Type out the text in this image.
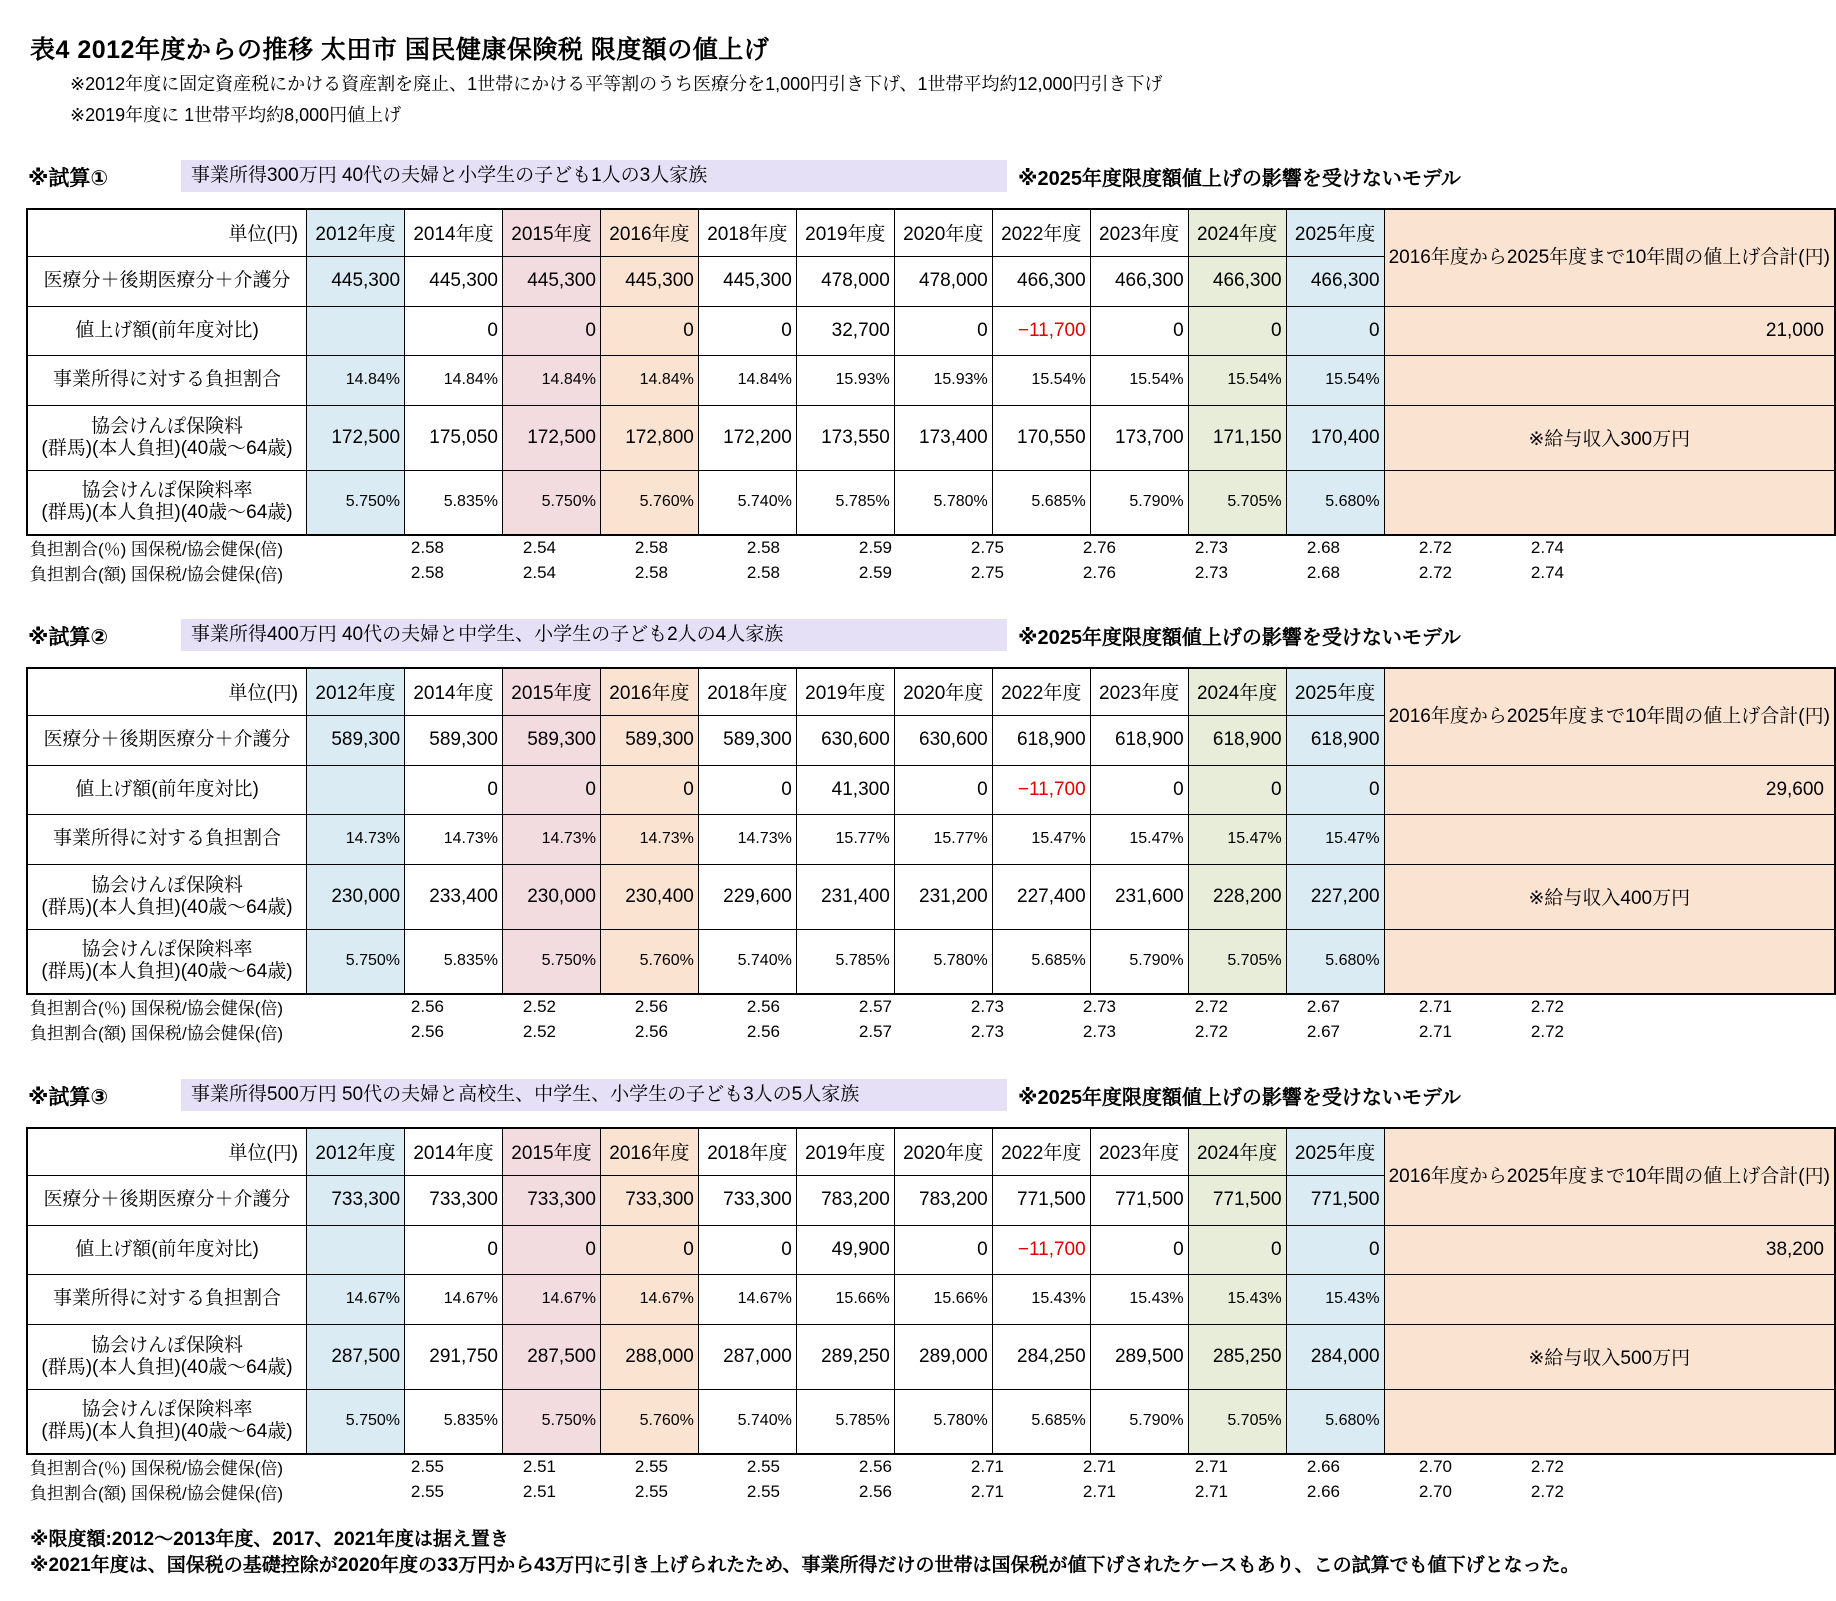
表4 2012年度からの推移 太田市 国民健康保険税 限度額の値上げ
※2012年度に固定資産税にかける資産割を廃止、1世帯にかける平等割のうち医療分を1,000円引き下げ、1世帯平均約12,000円引き下げ
※2019年度に 1世帯平均約8,000円値上げ
※試算①	事業所得300万円 40代の夫婦と小学生の子ども1人の3人家族	※2025年度限度額値上げの影響を受けないモデル
単位(円)	2012年度	2014年度	2015年度	2016年度	2018年度	2019年度	2020年度	2022年度	2023年度	2024年度	2025年度	2016年度から2025年度まで10年間の値上げ合計(円)
医療分＋後期医療分＋介護分	445,300	445,300	445,300	445,300	445,300	478,000	478,000	466,300	466,300	466,300	466,300	
値上げ額(前年度対比)		0	0	0	0	32,700	0	−11,700	0	0	0	21,000
事業所得に対する負担割合	14.84%	14.84%	14.84%	14.84%	14.84%	15.93%	15.93%	15.54%	15.54%	15.54%	15.54%	
協会けんぽ保険料
(群馬)(本人負担)(40歳～64歳)	172,500	175,050	172,500	172,800	172,200	173,550	173,400	170,550	173,700	171,150	170,400	※給与収入300万円
協会けんぽ保険料率
(群馬)(本人負担)(40歳～64歳)	5.750%	5.835%	5.750%	5.760%	5.740%	5.785%	5.780%	5.685%	5.790%	5.705%	5.680%	
負担割合(％) 国保税/協会健保(倍)	2.58	2.54	2.58	2.58	2.59	2.75	2.76	2.73	2.68	2.72	2.74
負担割合(額) 国保税/協会健保(倍)	2.58	2.54	2.58	2.58	2.59	2.75	2.76	2.73	2.68	2.72	2.74
※試算②	事業所得400万円 40代の夫婦と中学生、小学生の子ども2人の4人家族	※2025年度限度額値上げの影響を受けないモデル
単位(円)	2012年度	2014年度	2015年度	2016年度	2018年度	2019年度	2020年度	2022年度	2023年度	2024年度	2025年度	2016年度から2025年度まで10年間の値上げ合計(円)
医療分＋後期医療分＋介護分	589,300	589,300	589,300	589,300	589,300	630,600	630,600	618,900	618,900	618,900	618,900	
値上げ額(前年度対比)		0	0	0	0	41,300	0	−11,700	0	0	0	29,600
事業所得に対する負担割合	14.73%	14.73%	14.73%	14.73%	14.73%	15.77%	15.77%	15.47%	15.47%	15.47%	15.47%	
協会けんぽ保険料
(群馬)(本人負担)(40歳～64歳)	230,000	233,400	230,000	230,400	229,600	231,400	231,200	227,400	231,600	228,200	227,200	※給与収入400万円
協会けんぽ保険料率
(群馬)(本人負担)(40歳～64歳)	5.750%	5.835%	5.750%	5.760%	5.740%	5.785%	5.780%	5.685%	5.790%	5.705%	5.680%	
負担割合(％) 国保税/協会健保(倍)	2.56	2.52	2.56	2.56	2.57	2.73	2.73	2.72	2.67	2.71	2.72
負担割合(額) 国保税/協会健保(倍)	2.56	2.52	2.56	2.56	2.57	2.73	2.73	2.72	2.67	2.71	2.72
※試算③	事業所得500万円 50代の夫婦と高校生、中学生、小学生の子ども3人の5人家族	※2025年度限度額値上げの影響を受けないモデル
単位(円)	2012年度	2014年度	2015年度	2016年度	2018年度	2019年度	2020年度	2022年度	2023年度	2024年度	2025年度	2016年度から2025年度まで10年間の値上げ合計(円)
医療分＋後期医療分＋介護分	733,300	733,300	733,300	733,300	733,300	783,200	783,200	771,500	771,500	771,500	771,500	
値上げ額(前年度対比)		0	0	0	0	49,900	0	−11,700	0	0	0	38,200
事業所得に対する負担割合	14.67%	14.67%	14.67%	14.67%	14.67%	15.66%	15.66%	15.43%	15.43%	15.43%	15.43%	
協会けんぽ保険料
(群馬)(本人負担)(40歳～64歳)	287,500	291,750	287,500	288,000	287,000	289,250	289,000	284,250	289,500	285,250	284,000	※給与収入500万円
協会けんぽ保険料率
(群馬)(本人負担)(40歳～64歳)	5.750%	5.835%	5.750%	5.760%	5.740%	5.785%	5.780%	5.685%	5.790%	5.705%	5.680%	
負担割合(％) 国保税/協会健保(倍)	2.55	2.51	2.55	2.55	2.56	2.71	2.71	2.71	2.66	2.70	2.72
負担割合(額) 国保税/協会健保(倍)	2.55	2.51	2.55	2.55	2.56	2.71	2.71	2.71	2.66	2.70	2.72
※限度額:2012～2013年度、2017、2021年度は据え置き
※2021年度は、国保税の基礎控除が2020年度の33万円から43万円に引き上げられたため、事業所得だけの世帯は国保税が値下げされたケースもあり、この試算でも値下げとなった。
